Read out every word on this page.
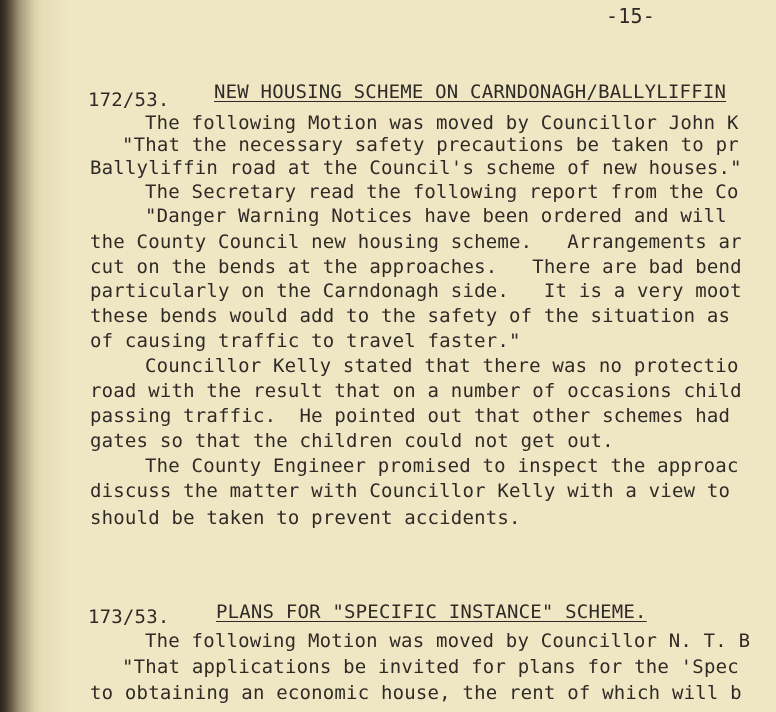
-15-
172/53. NEW HOUSING SCHEME ON CARNDONAGH/BALLYLIFFIN
The following Motion was moved by Councillor John K
"That the necessary safety precautions be taken to pr
Ballyliffin road at the Council's scheme of new houses."
The Secretary read the following report from the Co
"Danger Warning Notices have been ordered and will
the County Council new housing scheme.   Arrangements ar
cut on the bends at the approaches.   There are bad bend
particularly on the Carndonagh side.   It is a very moot
these bends would add to the safety of the situation as
of causing traffic to travel faster."
Councillor Kelly stated that there was no protectio
road with the result that on a number of occasions child
passing traffic.  He pointed out that other schemes had
gates so that the children could not get out.
The County Engineer promised to inspect the approac
discuss the matter with Councillor Kelly with a view to
should be taken to prevent accidents.
173/53. PLANS FOR "SPECIFIC INSTANCE" SCHEME.
The following Motion was moved by Councillor N. T. B
"That applications be invited for plans for the 'Spec
to obtaining an economic house, the rent of which will b
